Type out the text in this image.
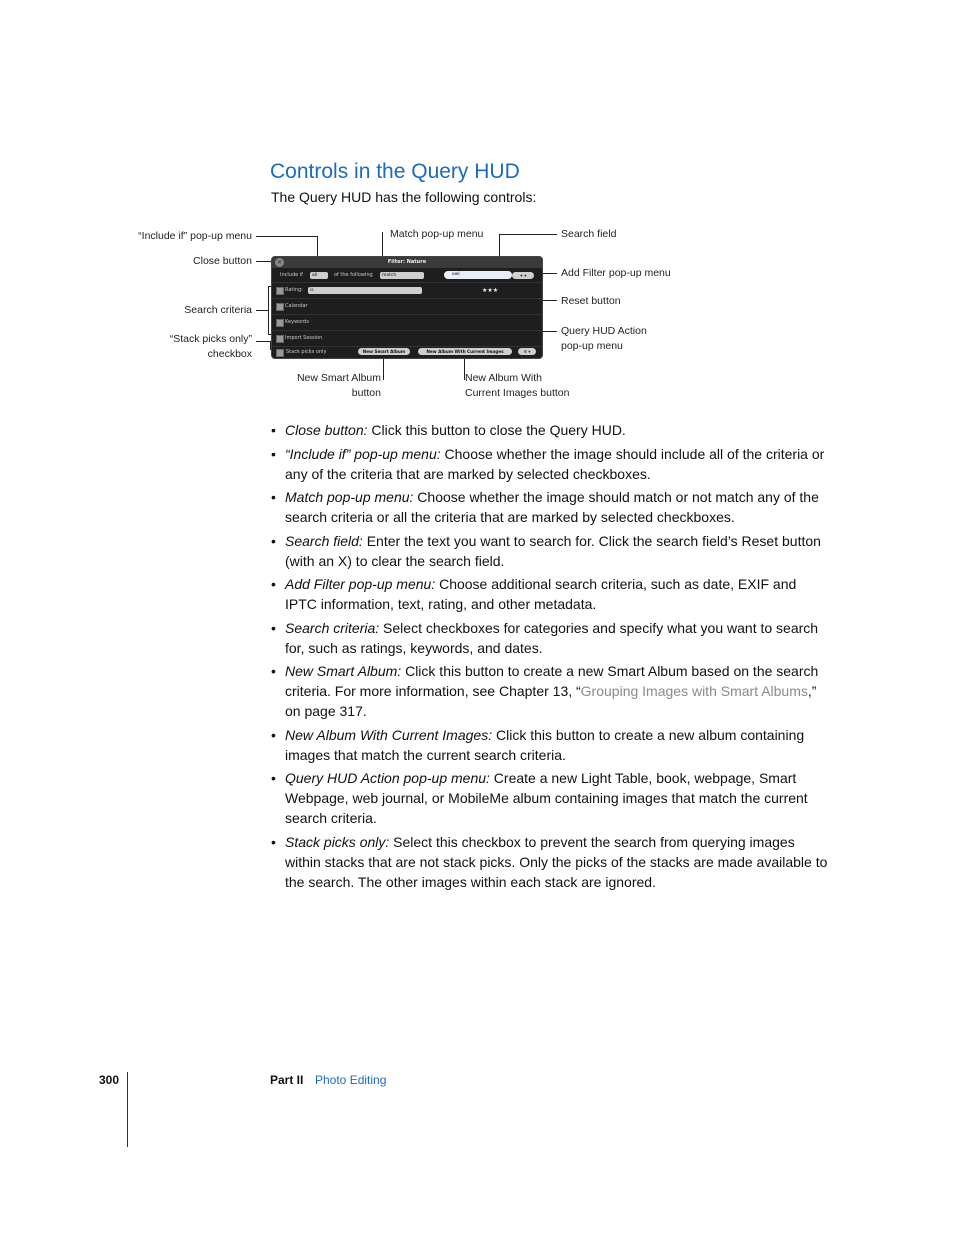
Controls in the Query HUD
The Query HUD has the following controls:
“Include if” pop-up menu
Close button
Search criteria
“Stack picks only”
checkbox
Match pop-up menu	Search field
Add Filter pop-up menu
Reset button
Query HUD Action
pop-up menu
New Smart Album
button
New Album With
Current Images button
Filter: Nature
×
Include if	all	of the following	match	owl	+ ▾
Rating:	is	★★★
Calendar
Keywords
Import Session
Stack picks only	New Smart Album	New Album With Current Images	✲ ▾
• Close button: Click this button to close the Query HUD.
• “Include if” pop-up menu: Choose whether the image should include all of the criteria or any of the criteria that are marked by selected checkboxes.
• Match pop-up menu: Choose whether the image should match or not match any of the search criteria or all the criteria that are marked by selected checkboxes.
• Search field: Enter the text you want to search for. Click the search field’s Reset button (with an X) to clear the search field.
• Add Filter pop-up menu: Choose additional search criteria, such as date, EXIF and IPTC information, text, rating, and other metadata.
• Search criteria: Select checkboxes for categories and specify what you want to search for, such as ratings, keywords, and dates.
• New Smart Album: Click this button to create a new Smart Album based on the search criteria. For more information, see Chapter 13, “Grouping Images with Smart Albums,” on page 317.
• New Album With Current Images: Click this button to create a new album containing images that match the current search criteria.
• Query HUD Action pop-up menu: Create a new Light Table, book, webpage, Smart Webpage, web journal, or MobileMe album containing images that match the current search criteria.
• Stack picks only: Select this checkbox to prevent the search from querying images within stacks that are not stack picks. Only the picks of the stacks are made available to the search. The other images within each stack are ignored.
300	Part II Photo Editing
